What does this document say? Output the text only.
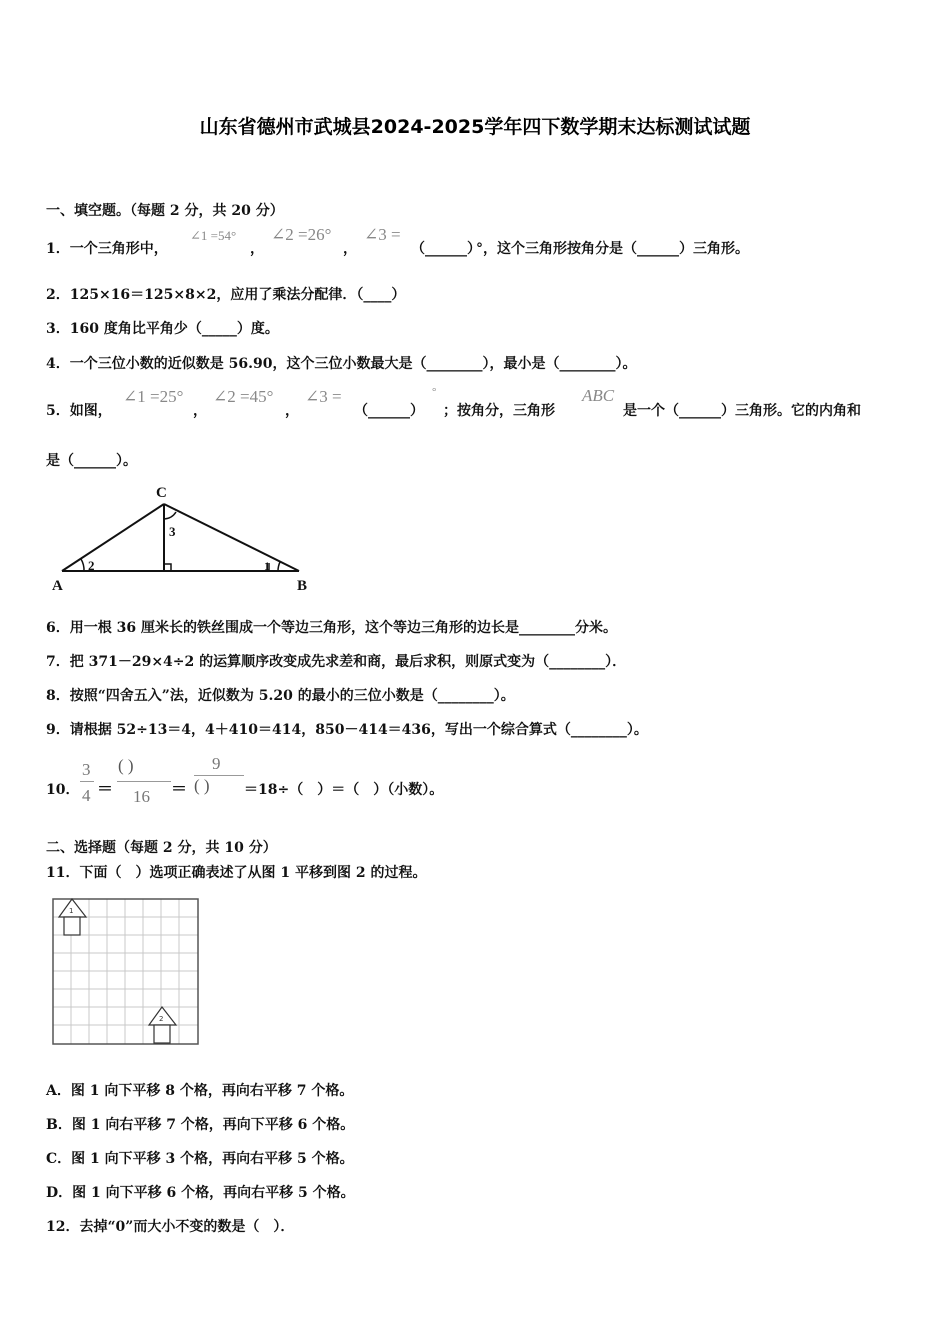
山东省德州市武城县2024-2025学年四下数学期末达标测试试题
一、填空题。（每题 2 分，共 20 分）
1．一个三角形中，
∠1 =54°
，
∠2 =26°
，
∠3 =
（______）
°，这个三角形按角分是（______）三角形。
2．125×16＝125×8×2，应用了乘法分配律．（____）
3．160 度角比平角少（_____）度。
4．一个三位小数的近似数是 56.90，这个三位小数最大是（________），最小是（________）。
5．如图，
∠1 =25°
，
∠2 =45°
，
∠3 =
（______）
°
；按角分，三角形
ABC
是一个（______）三角形。它的内角和
是（______）。
C
A	B
2
3
1
6．用一根 36 厘米长的铁丝围成一个等边三角形，这个等边三角形的边长是________分米。
7．把 371－29×4÷2 的运算顺序改变成先求差和商，最后求积，则原式变为（________）．
8．按照“四舍五入”法，近似数为 5.20 的最小的三位小数是（________）。
9．请根据 52÷13＝4，4＋410＝414，850－414＝436，写出一个综合算式（________）。
10．
3
4 ＝
( )
16 ＝
9
( ) ＝18÷（　）＝（　）（小数）。
二、选择题（每题 2 分，共 10 分）
11．下面（　）选项正确表述了从图 1 平移到图 2 的过程。
1
2
A．图 1 向下平移 8 个格，再向右平移 7 个格。
B．图 1 向右平移 7 个格，再向下平移 6 个格。
C．图 1 向下平移 3 个格，再向右平移 5 个格。
D．图 1 向下平移 6 个格，再向右平移 5 个格。
12．去掉“0”而大小不变的数是（　）．
